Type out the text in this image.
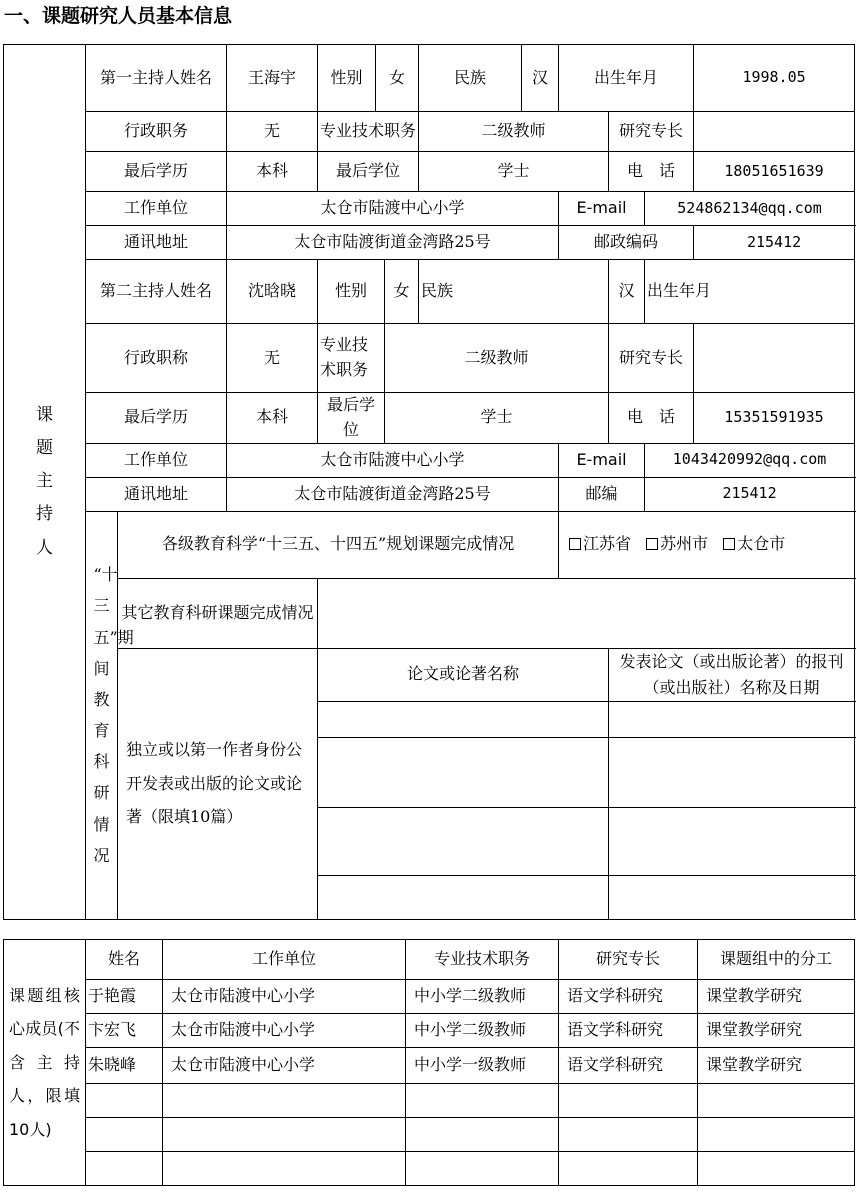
一、课题研究人员基本信息
课题主持人	第一主持人姓名		王海宇	性别	女		民族	汉	出生年月			1998.05	
	行政职务		无	专业技术职务			二级教师			研究专长			
	最后学历		本科	最后学位			学士			电　话		18051651639	
	工作单位		太仓市陆渡中心小学						E-mail		524862134@qq.com		
	通讯地址		太仓市陆渡街道金湾路25号						邮政编码			215412	
	第二主持人姓名		沈晗晓	性别		女	民族			汉	出生年月	
	行政职称		无	专业技术职务		二级教师				研究专长			
	最后学历		本科	最后学位		学士				电　话		15351591935	
	工作单位		太仓市陆渡中心小学						E-mail		1043420992@qq.com		
	通讯地址		太仓市陆渡街道金湾路25号						邮编		215412		

	“十三五”期间教育科研情况	各级教育科学“十三五、十四五”规划课题完成情况							江苏省 苏州市 太仓市				
		其它教育科研课题完成情况											
		独立或以第一作者身份公开发表或出版的论文或论著（限填10篇）		论文或论著名称						发表论文（或出版论著）的报刊（或出版社）名称及日期			

课题组核心成员(不含主持人，限填10人)	姓名	工作单位	专业技术职务	研究专长	课题组中的分工
	于艳霞	太仓市陆渡中心小学	中小学二级教师	语文学科研究	课堂教学研究
	卞宏飞	太仓市陆渡中心小学	中小学二级教师	语文学科研究	课堂教学研究
	朱晓峰	太仓市陆渡中心小学	中小学一级教师	语文学科研究	课堂教学研究
